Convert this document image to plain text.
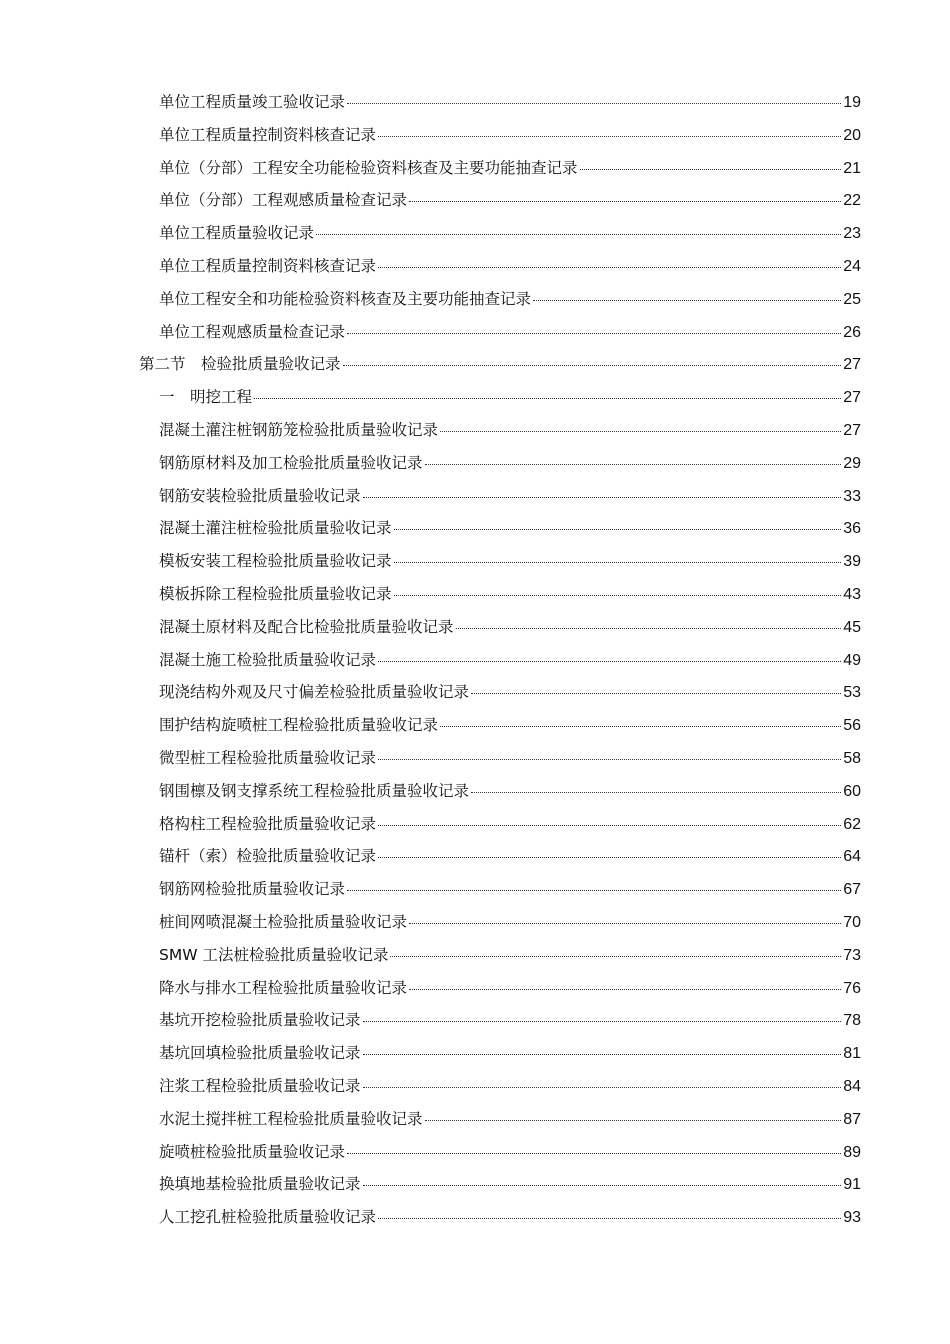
单位工程质量竣工验收记录	19
单位工程质量控制资料核查记录	20
单位（分部）工程安全功能检验资料核查及主要功能抽查记录	21
单位（分部）工程观感质量检查记录	22
单位工程质量验收记录	23
单位工程质量控制资料核查记录	24
单位工程安全和功能检验资料核查及主要功能抽查记录	25
单位工程观感质量检查记录	26
第二节　检验批质量验收记录	27
一　明挖工程	27
混凝土灌注桩钢筋笼检验批质量验收记录	27
钢筋原材料及加工检验批质量验收记录	29
钢筋安装检验批质量验收记录	33
混凝土灌注桩检验批质量验收记录	36
模板安装工程检验批质量验收记录	39
模板拆除工程检验批质量验收记录	43
混凝土原材料及配合比检验批质量验收记录	45
混凝土施工检验批质量验收记录	49
现浇结构外观及尺寸偏差检验批质量验收记录	53
围护结构旋喷桩工程检验批质量验收记录	56
微型桩工程检验批质量验收记录	58
钢围檩及钢支撑系统工程检验批质量验收记录	60
格构柱工程检验批质量验收记录	62
锚杆（索）检验批质量验收记录	64
钢筋网检验批质量验收记录	67
桩间网喷混凝土检验批质量验收记录	70
SMW 工法桩检验批质量验收记录	73
降水与排水工程检验批质量验收记录	76
基坑开挖检验批质量验收记录	78
基坑回填检验批质量验收记录	81
注浆工程检验批质量验收记录	84
水泥土搅拌桩工程检验批质量验收记录	87
旋喷桩检验批质量验收记录	89
换填地基检验批质量验收记录	91
人工挖孔桩检验批质量验收记录	93
